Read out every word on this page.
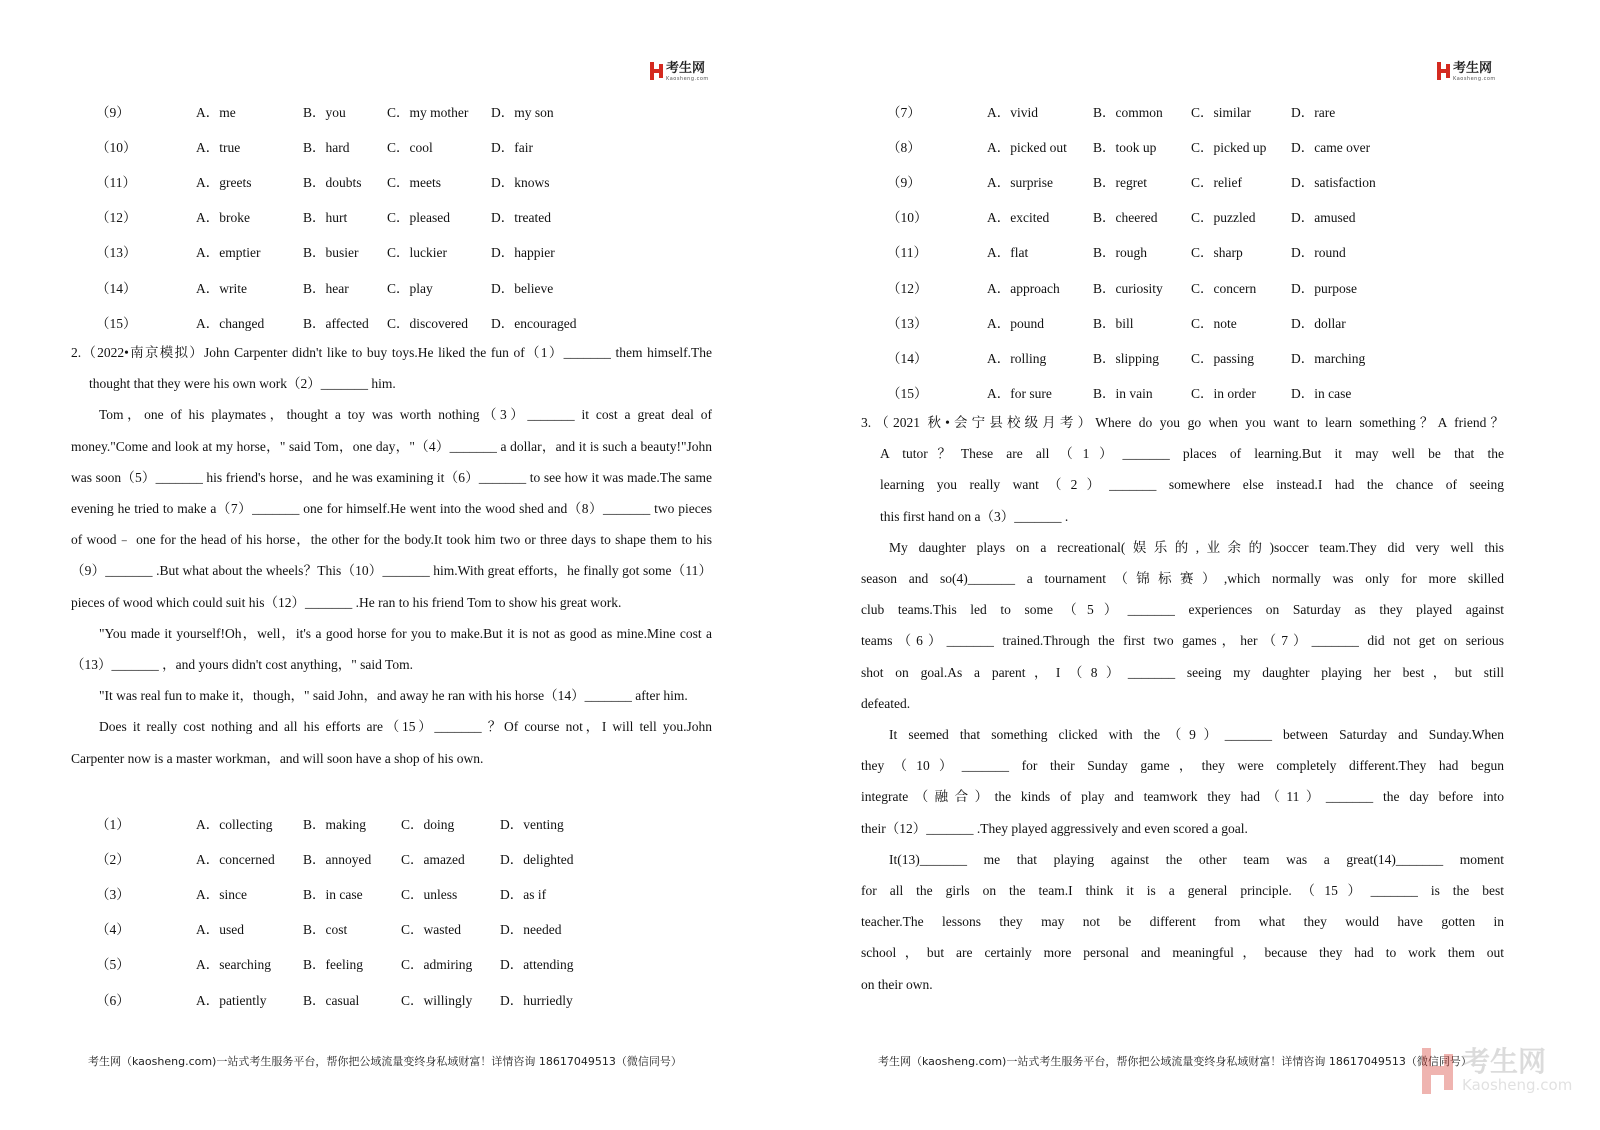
考生网
Kaosheng.com
（9）	A．me	B．you	C．my mother D．my son
（10）	A．true	B．hard	C．cool	D．fair
（11）	A．greets	B．doubts C．meets	D．knows
（12）	A．broke	B．hurt	C．pleased	D．treated
（13）	A．emptier	B．busier C．luckier	D．happier
（14）	A．write	B．hear	C．play	D．believe
（15）	A．changed	B．affected C．discovered D．encouraged
2.（2022•南京模拟）John Carpenter didn't like to buy toys.He liked the fun of（1）_______ them himself.The
thought that they were his own work（2）_______ him.
Tom，one of his playmates，thought a toy was worth nothing（3）_______ it cost a great deal of
money."Come and look at my horse，" said Tom，one day，"（4）_______ a dollar，and it is such a beauty!"John
was soon（5）_______ his friend's horse，and he was examining it（6）_______ to see how it was made.The same
evening he tried to make a（7）_______ one for himself.He went into the wood shed and（8）_______ two pieces
of wood﹣ one for the head of his horse，the other for the body.It took him two or three days to shape them to his
（9）_______ .But what about the wheels？This（10）_______ him.With great efforts，he finally got some（11）
pieces of wood which could suit his（12）_______ .He ran to his friend Tom to show his great work.
"You made it yourself!Oh，well，it's a good horse for you to make.But it is not as good as mine.Mine cost a
（13）_______ ，and yours didn't cost anything，" said Tom.
"It was real fun to make it，though，" said John，and away he ran with his horse（14）_______ after him.
Does it really cost nothing and all his efforts are（15）_______ ？Of course not，I will tell you.John
Carpenter now is a master workman，and will soon have a shop of his own.
（1）	A．collecting B．making	C．doing	D．venting
（2）	A．concerned B．annoyed C．amazed	D．delighted
（3）	A．since	B．in case	C．unless	D．as if
（4）	A．used	B．cost	C．wasted	D．needed
（5）	A．searching B．feeling	C．admiring D．attending
（6）	A．patiently	B．casual	C．willingly D．hurriedly
考生网（kaosheng.com)一站式考生服务平台，帮你把公域流量变终身私域财富！详情咨询 18617049513（微信同号）
考生网
Kaosheng.com
（7）	A．vivid	B．common C．similar	D．rare
（8）	A．picked out B．took up	C．picked up D．came over
（9）	A．surprise	B．regret	C．relief	D．satisfaction
（10）	A．excited	B．cheered C．puzzled	D．amused
（11）	A．flat	B．rough	C．sharp	D．round
（12）	A．approach B．curiosity C．concern	D．purpose
（13）	A．pound	B．bill	C．note	D．dollar
（14）	A．rolling	B．slipping C．passing	D．marching
（15）	A．for sure	B．in vain	C．in order	D．in case
3.（2021 秋•会宁县校级月考）Where do you go when you want to learn something？A friend？
A tutor？These are all（1）_______ places of learning.But it may well be that the
learning you really want（2）_______ somewhere else instead.I had the chance of seeing
this first hand on a（3）_______ .
My daughter plays on a recreational(娱乐的,业余的)soccer team.They did very well this
season and so(4)_______ a tournament（锦标赛）,which normally was only for more skilled
club teams.This led to some（5）_______ experiences on Saturday as they played against
teams（6）_______ trained.Through the first two games，her（7）_______ did not get on serious
shot on goal.As a parent，I（8）_______ seeing my daughter playing her best，but still
defeated.
It seemed that something clicked with the（9）_______ between Saturday and Sunday.When
they（10）_______ for their Sunday game，they were completely different.They had begun
integrate（融合）the kinds of play and teamwork they had（11）_______ the day before into
their（12）_______ .They played aggressively and even scored a goal.
It(13)_______ me that playing against the other team was a great(14)_______ moment
for all the girls on the team.I think it is a general principle.（15）_______ is the best
teacher.The lessons they may not be different from what they would have gotten in
school，but are certainly more personal and meaningful，because they had to work them out
on their own.
考生网（kaosheng.com)一站式考生服务平台，帮你把公域流量变终身私域财富！详情咨询 18617049513（微信同号）
考生网
Kaosheng.com
